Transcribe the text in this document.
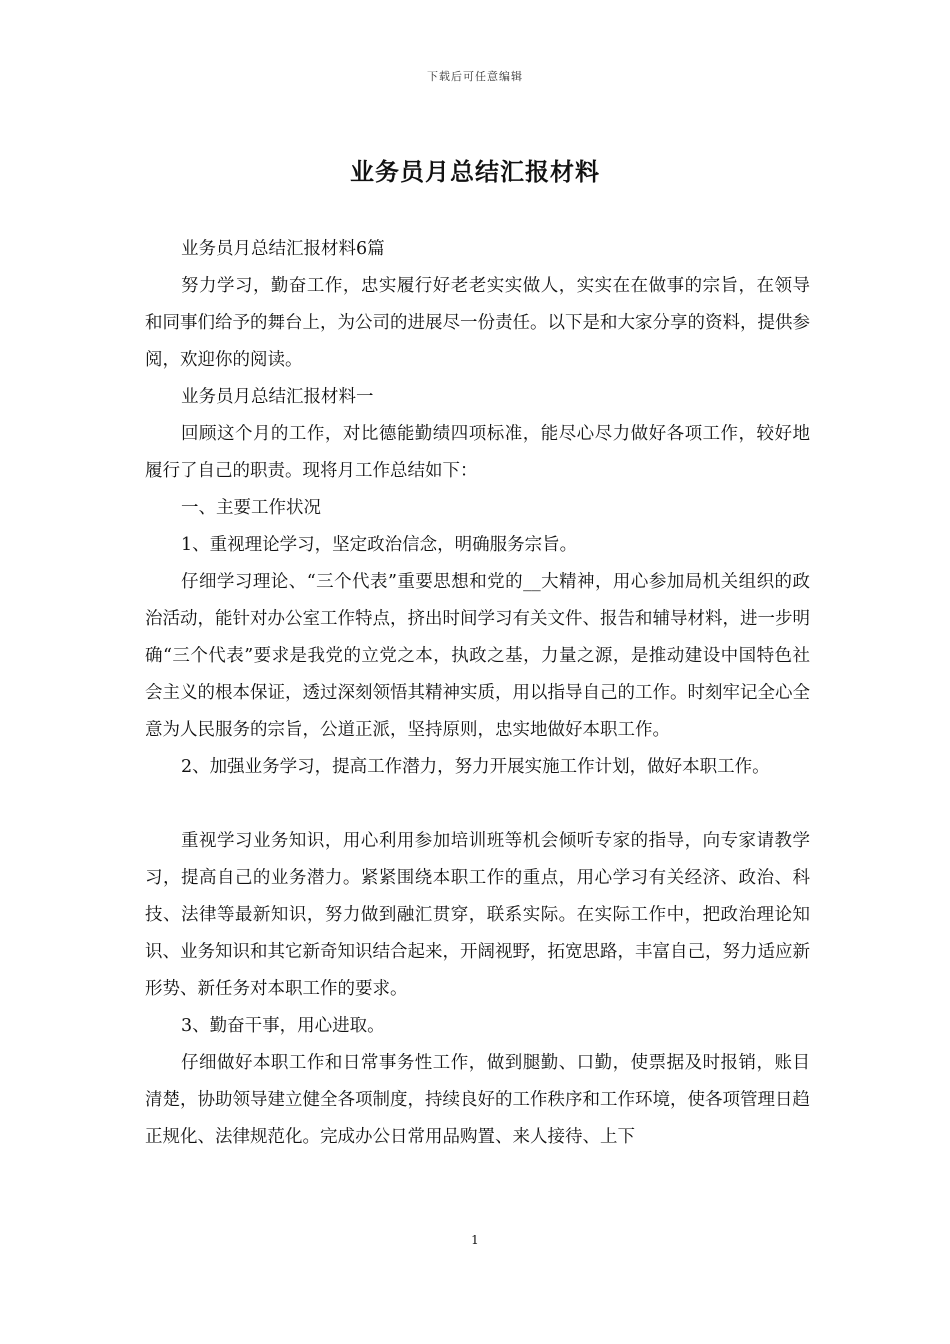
下载后可任意编辑
业务员月总结汇报材料

业务员月总结汇报材料6篇

努力学习，勤奋工作，忠实履行好老老实实做人，实实在在做事的宗旨，在领导和同事们给予的舞台上，为公司的进展尽一份责任。以下是和大家分享的资料，提供参阅，欢迎你的阅读。

业务员月总结汇报材料一

回顾这个月的工作，对比德能勤绩四项标准，能尽心尽力做好各项工作，较好地履行了自己的职责。现将月工作总结如下：

一、主要工作状况

1、重视理论学习，坚定政治信念，明确服务宗旨。

仔细学习理论、“三个代表”重要思想和党的__大精神，用心参加局机关组织的政治活动，能针对办公室工作特点，挤出时间学习有关文件、报告和辅导材料，进一步明确“三个代表”要求是我党的立党之本，执政之基，力量之源，是推动建设中国特色社会主义的根本保证，透过深刻领悟其精神实质，用以指导自己的工作。时刻牢记全心全意为人民服务的宗旨，公道正派，坚持原则，忠实地做好本职工作。

2、加强业务学习，提高工作潜力，努力开展实施工作计划，做好本职工作。

重视学习业务知识，用心利用参加培训班等机会倾听专家的指导，向专家请教学习，提高自己的业务潜力。紧紧围绕本职工作的重点，用心学习有关经济、政治、科技、法律等最新知识，努力做到融汇贯穿，联系实际。在实际工作中，把政治理论知识、业务知识和其它新奇知识结合起来，开阔视野，拓宽思路，丰富自己，努力适应新形势、新任务对本职工作的要求。

3、勤奋干事，用心进取。

仔细做好本职工作和日常事务性工作，做到腿勤、口勤，使票据及时报销，账目清楚，协助领导建立健全各项制度，持续良好的工作秩序和工作环境，使各项管理日趋正规化、法律规范化。完成办公日常用品购置、来人接待、上下

1
